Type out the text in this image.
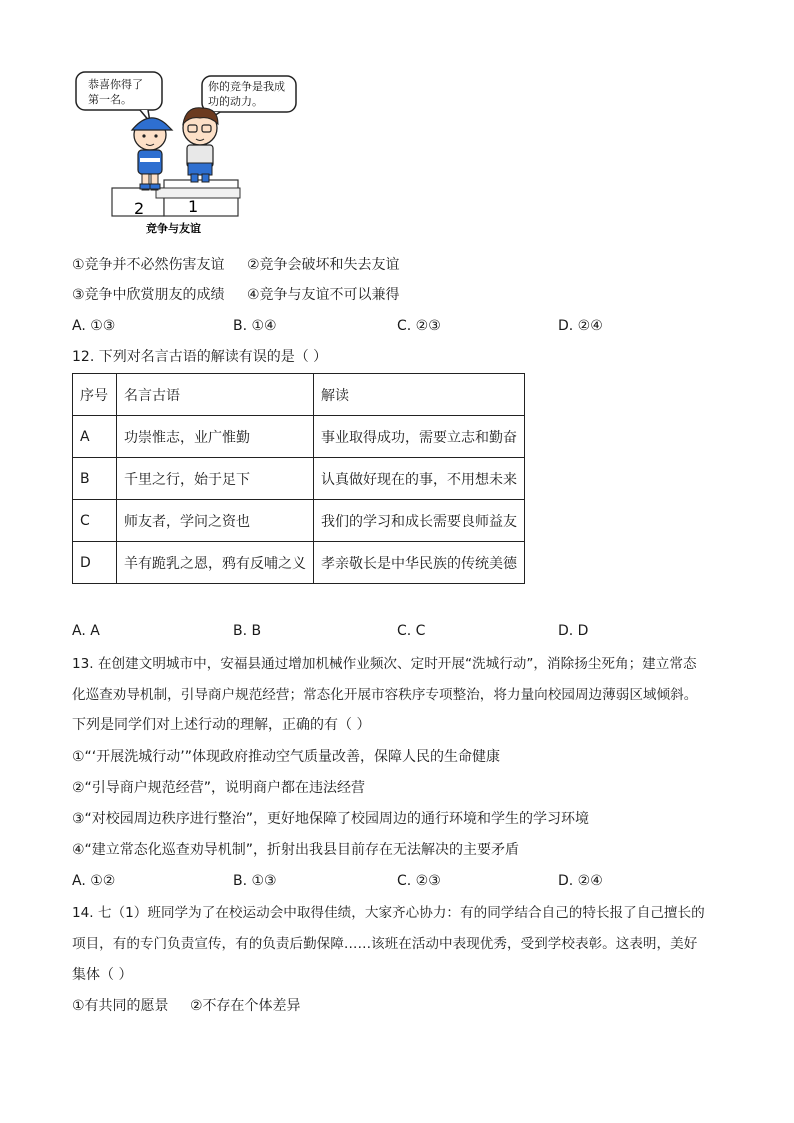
恭喜你得了
第一名。
你的竞争是我成
功的动力。
2	1
竞争与友谊
①竞争并不必然伤害友谊 ②竞争会破坏和失去友谊
③竞争中欣赏朋友的成绩 ④竞争与友谊不可以兼得
A. ①③	B. ①④	C. ②③	D. ②④
12. 下列对名言古语的解读有误的是（ ）
序号	名言古语	解读
A	功崇惟志，业广惟勤	事业取得成功，需要立志和勤奋
B	千里之行，始于足下	认真做好现在的事，不用想未来
C	师友者，学问之资也	我们的学习和成长需要良师益友
D	羊有跪乳之恩，鸦有反哺之义	孝亲敬长是中华民族的传统美德
A. A	B. B	C. C	D. D
13. 在创建文明城市中，安福县通过增加机械作业频次、定时开展“洗城行动”，消除扬尘死角；建立常态
化巡查劝导机制，引导商户规范经营；常态化开展市容秩序专项整治，将力量向校园周边薄弱区域倾斜。
下列是同学们对上述行动的理解，正确的有（ ）
①“‘开展洗城行动’”体现政府推动空气质量改善，保障人民的生命健康
②“引导商户规范经营”，说明商户都在违法经营
③“对校园周边秩序进行整治”，更好地保障了校园周边的通行环境和学生的学习环境
④“建立常态化巡查劝导机制”，折射出我县目前存在无法解决的主要矛盾
A. ①②	B. ①③	C. ②③	D. ②④
14. 七（1）班同学为了在校运动会中取得佳绩，大家齐心协力：有的同学结合自己的特长报了自己擅长的
项目，有的专门负责宣传，有的负责后勤保障……该班在活动中表现优秀，受到学校表彰。这表明，美好
集体（ ）
①有共同的愿景 ②不存在个体差异
